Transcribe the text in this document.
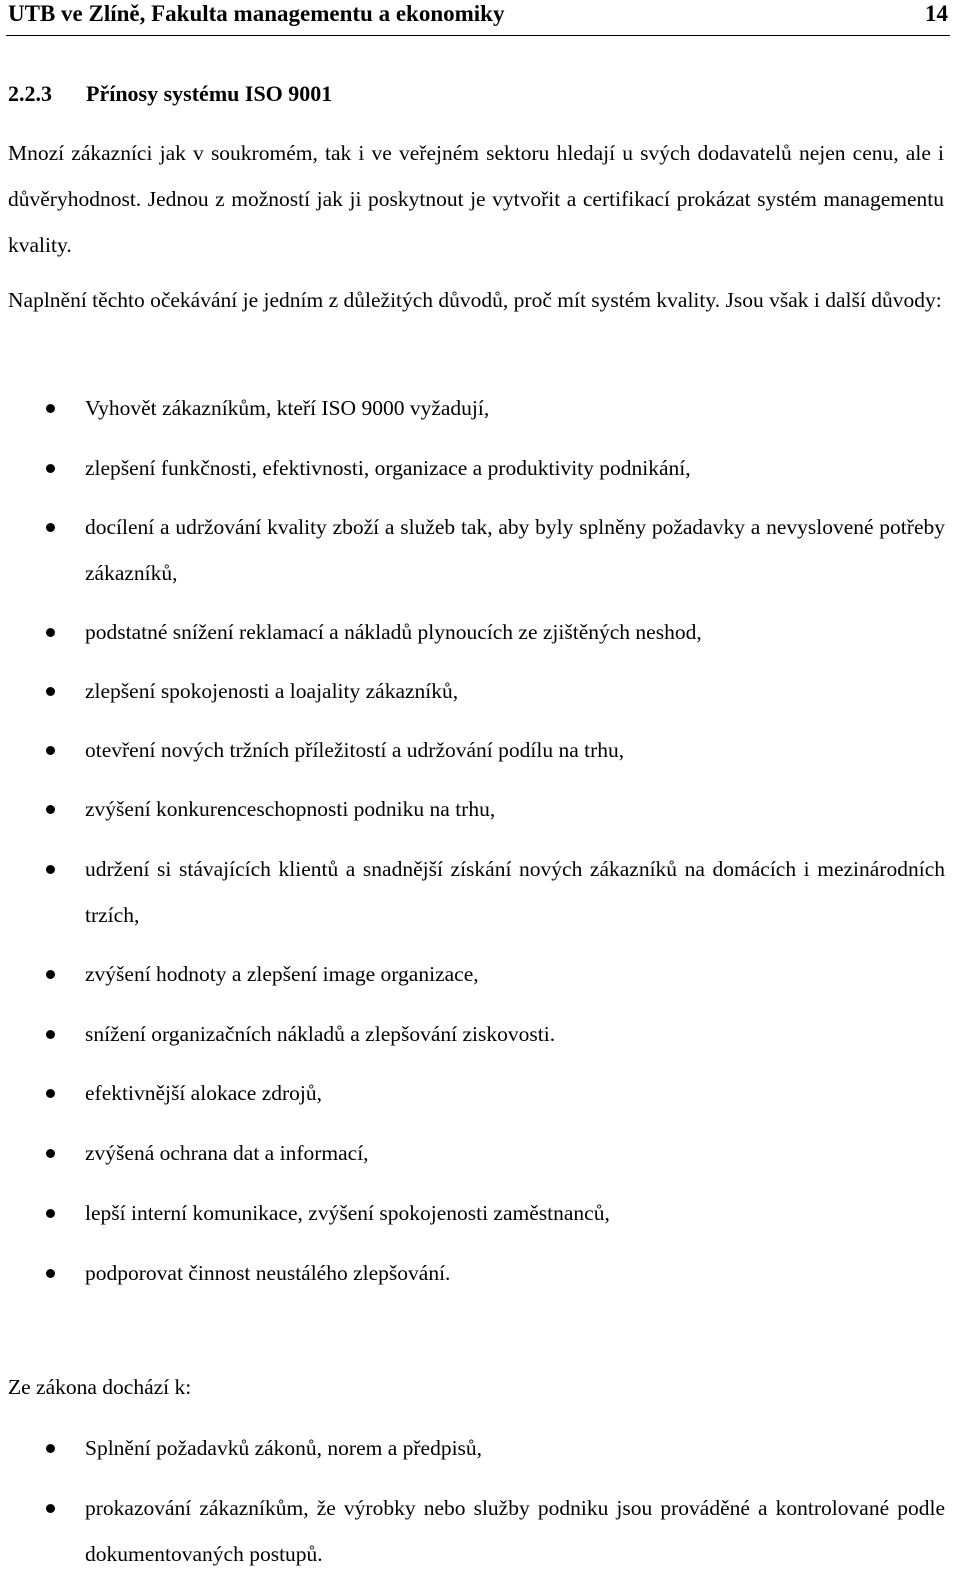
UTB ve Zlíně, Fakulta managementu a ekonomiky	14
2.2.3 Přínosy systému ISO 9001
Mnozí zákazníci jak v soukromém, tak i ve veřejném sektoru hledají u svých dodavatelů nejen cenu, ale i důvěryhodnost. Jednou z možností jak ji poskytnout je vytvořit a certifikací prokázat systém managementu kvality.
Naplnění těchto očekávání je jedním z důležitých důvodů, proč mít systém kvality. Jsou však i další důvody:
Vyhovět zákazníkům, kteří ISO 9000 vyžadují,
zlepšení funkčnosti, efektivnosti, organizace a produktivity podnikání,
docílení a udržování kvality zboží a služeb tak, aby byly splněny požadavky a nevyslovené potřeby zákazníků,
podstatné snížení reklamací a nákladů plynoucích ze zjištěných neshod,
zlepšení spokojenosti a loajality zákazníků,
otevření nových tržních příležitostí a udržování podílu na trhu,
zvýšení konkurenceschopnosti podniku na trhu,
udržení si stávajících klientů a snadnější získání nových zákazníků na domácích i mezinárodních trzích,
zvýšení hodnoty a zlepšení image organizace,
snížení organizačních nákladů a zlepšování ziskovosti.
efektivnější alokace zdrojů,
zvýšená ochrana dat a informací,
lepší interní komunikace, zvýšení spokojenosti zaměstnanců,
podporovat činnost neustálého zlepšování.
Ze zákona dochází k:
Splnění požadavků zákonů, norem a předpisů,
prokazování zákazníkům, že výrobky nebo služby podniku jsou prováděné a kontrolované podle dokumentovaných postupů.
